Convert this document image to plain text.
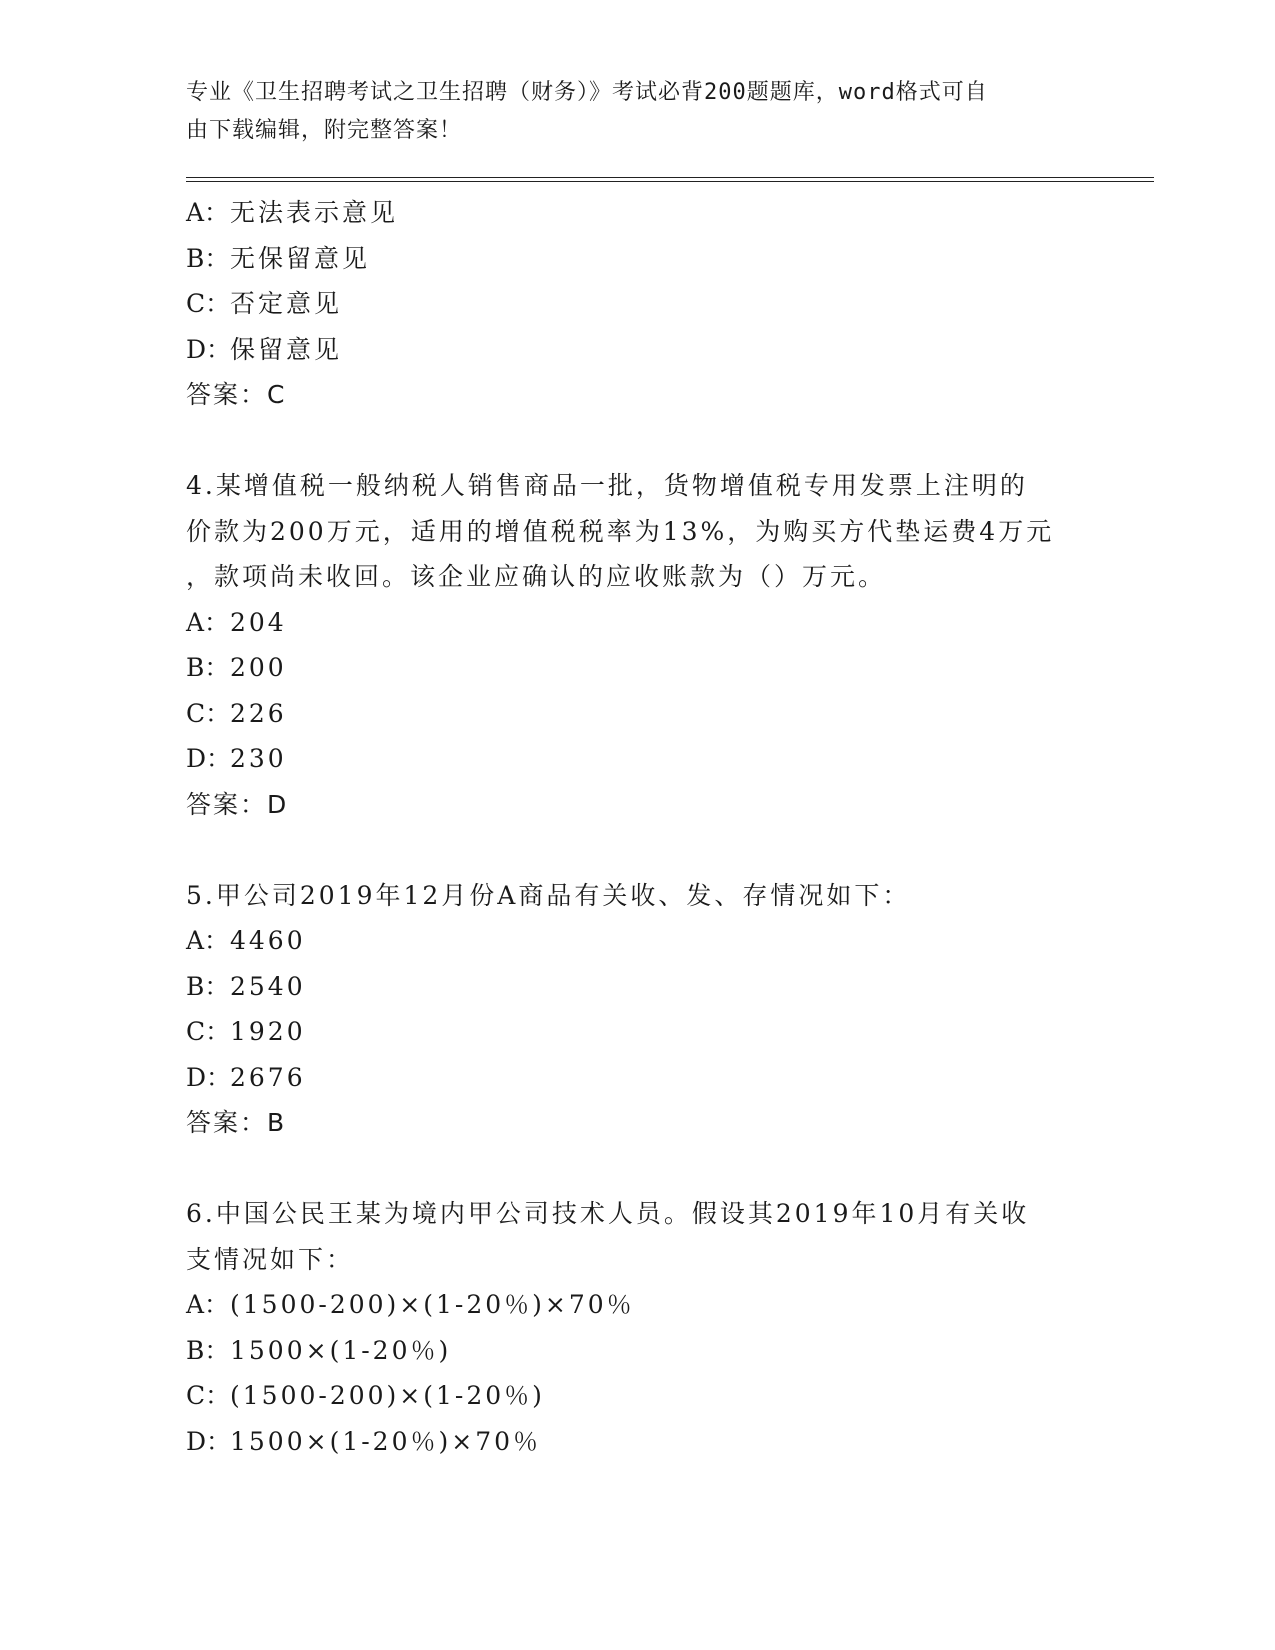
专业《卫生招聘考试之卫生招聘（财务）》考试必背200题题库，word格式可自
由下载编辑，附完整答案！
A：无法表示意见
B：无保留意见
C：否定意见
D：保留意见
答案：C
4.某增值税一般纳税人销售商品一批，货物增值税专用发票上注明的
价款为200万元，适用的增值税税率为13%，为购买方代垫运费4万元
，款项尚未收回。该企业应确认的应收账款为（）万元。
A：204
B：200
C：226
D：230
答案：D
5.甲公司2019年12月份A商品有关收、发、存情况如下：
A：4460
B：2540
C：1920
D：2676
答案：B
6.中国公民王某为境内甲公司技术人员。假设其2019年10月有关收
支情况如下：
A：(1500-200)×(1-20％)×70％
B：1500×(1-20％)
C：(1500-200)×(1-20％)
D：1500×(1-20％)×70％
